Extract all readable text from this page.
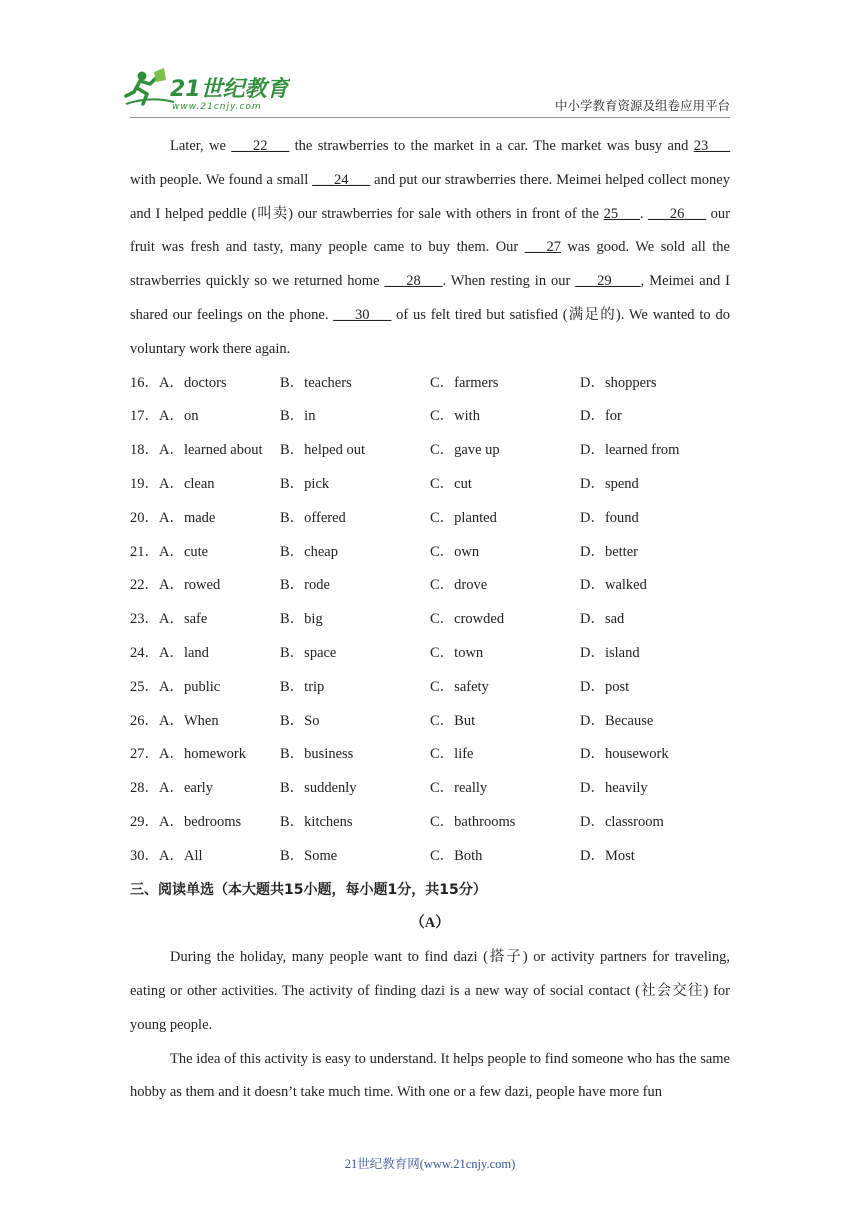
21世纪教育
www.21cnjy.com	中小学教育资源及组卷应用平台

Later, we ___22___ the strawberries to the market in a car. The market was busy and 23___ with people. We found a small ___24___ and put our strawberries there. Meimei helped collect money and I helped peddle (叫卖) our strawberries for sale with others in front of the 25___. ___26___ our fruit was fresh and tasty, many people came to buy them. Our ___27 was good. We sold all the strawberries quickly so we returned home ___28___. When resting in our ___29____, Meimei and I shared our feelings on the phone. ___30___ of us felt tired but satisfied (满足的). We wanted to do voluntary work there again.

16．A．doctors	B．teachers	C．farmers	D．shoppers
17．A．on	B．in	C．with	D．for
18．A．learned about	B．helped out	C．gave up	D．learned from
19．A．clean	B．pick	C．cut	D．spend
20．A．made	B．offered	C．planted	D．found
21．A．cute	B．cheap	C．own	D．better
22．A．rowed	B．rode	C．drove	D．walked
23．A．safe	B．big	C．crowded	D．sad
24．A．land	B．space	C．town	D．island
25．A．public	B．trip	C．safety	D．post
26．A．When	B．So	C．But	D．Because
27．A．homework	B．business	C．life	D．housework
28．A．early	B．suddenly	C．really	D．heavily
29．A．bedrooms	B．kitchens	C．bathrooms	D．classroom
30．A．All	B．Some	C．Both	D．Most

三、阅读单选（本大题共15小题，每小题1分，共15分）

（A）

During the holiday, many people want to find dazi (搭子) or activity partners for traveling, eating or other activities. The activity of finding dazi is a new way of social contact (社会交往) for young people.

The idea of this activity is easy to understand. It helps people to find someone who has the same hobby as them and it doesn’t take much time. With one or a few dazi, people have more fun

21世纪教育网(www.21cnjy.com)
